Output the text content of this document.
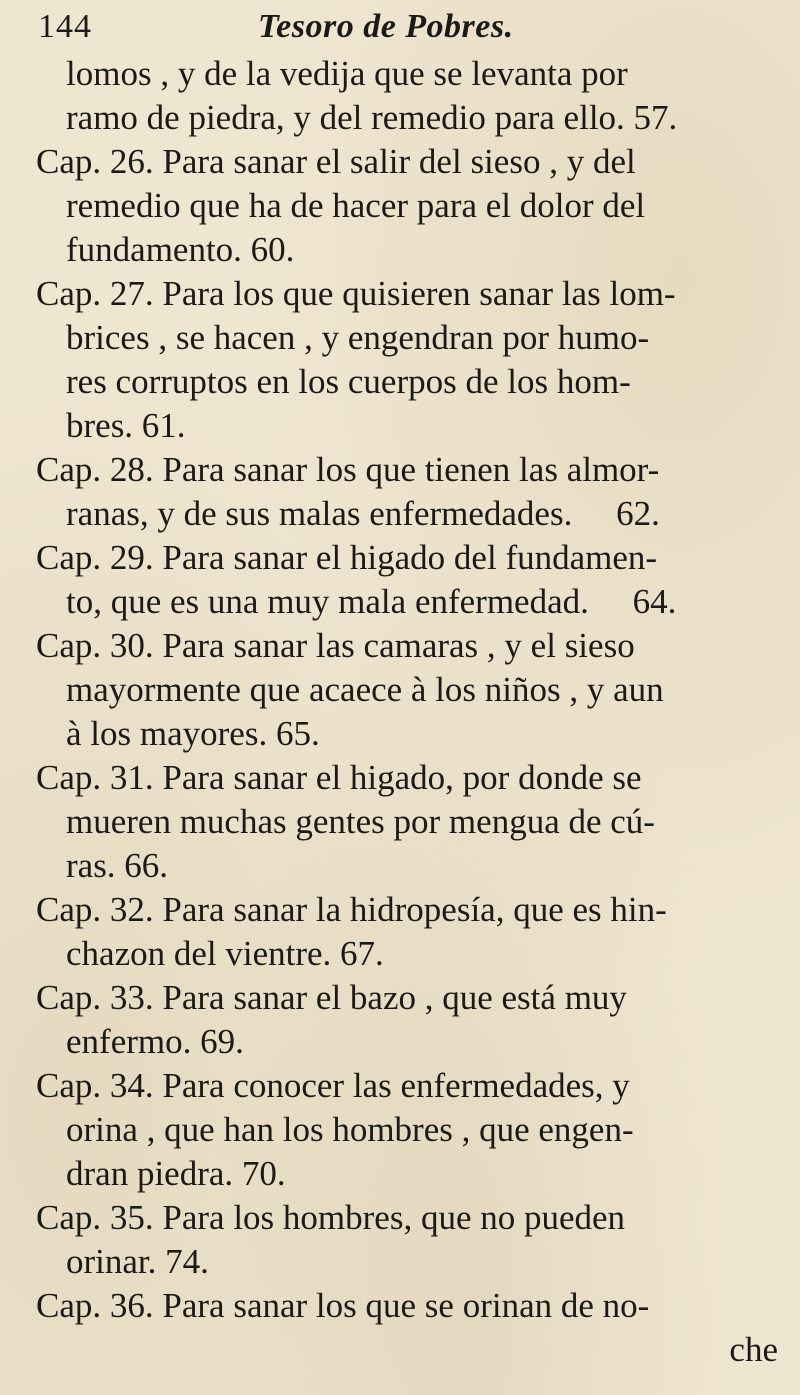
144	Tesoro de Pobres.
lomos , y de la vedija que se levanta por
ramo de piedra, y del remedio para ello. 57.
Cap. 26. Para sanar el salir del sieso , y del
remedio que ha de hacer para el dolor del
fundamento. 60.
Cap. 27. Para los que quisieren sanar las lom-
brices , se hacen , y engendran por humo-
res corruptos en los cuerpos de los hom-
bres. 61.
Cap. 28. Para sanar los que tienen las almor-
ranas, y de sus malas enfermedades.     62.
Cap. 29. Para sanar el higado del fundamen-
to, que es una muy mala enfermedad.     64.
Cap. 30. Para sanar las camaras , y el sieso
mayormente que acaece à los niños , y aun
à los mayores. 65.
Cap. 31. Para sanar el higado, por donde se
mueren muchas gentes por mengua de cú-
ras. 66.
Cap. 32. Para sanar la hidropesía, que es hin-
chazon del vientre. 67.
Cap. 33. Para sanar el bazo , que está muy
enfermo. 69.
Cap. 34. Para conocer las enfermedades, y
orina , que han los hombres , que engen-
dran piedra. 70.
Cap. 35. Para los hombres, que no pueden
orinar. 74.
Cap. 36. Para sanar los que se orinan de no-
che
